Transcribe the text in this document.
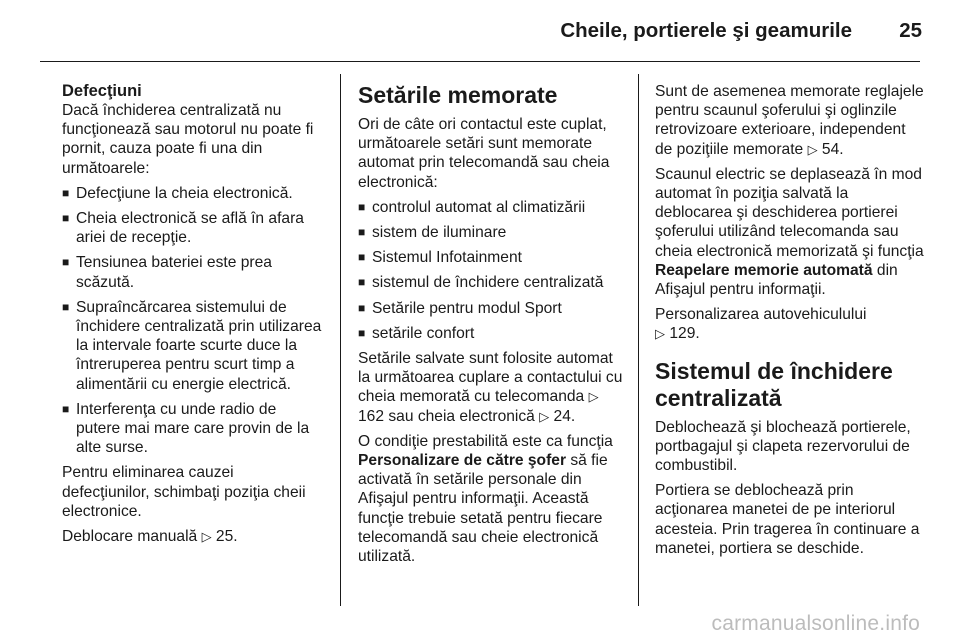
Cheile, portierele şi geamurile 25
Defecţiuni

Dacă închiderea centralizată nu funcţionează sau motorul nu poate fi pornit, cauza poate fi una din următoarele:

■ Defecţiune la cheia electronică.
■ Cheia electronică se află în afara ariei de recepţie.
■ Tensiunea bateriei este prea scăzută.
■ Supraîncărcarea sistemului de închidere centralizată prin utilizarea la intervale foarte scurte duce la întreruperea pentru scurt timp a alimentării cu energie electrică.
■ Interferenţa cu unde radio de putere mai mare care provin de la alte surse.

Pentru eliminarea cauzei defecţiunilor, schimbaţi poziţia cheii electronice.

Deblocare manuală ▷ 25.

Setările memorate

Ori de câte ori contactul este cuplat, următoarele setări sunt memorate automat prin telecomandă sau cheia electronică:

■ controlul automat al climatizării
■ sistem de iluminare
■ Sistemul Infotainment
■ sistemul de închidere centralizată
■ Setările pentru modul Sport
■ setările confort

Setările salvate sunt folosite automat la următoarea cuplare a contactului cu cheia memorată cu telecomanda ▷ 162 sau cheia electronică ▷ 24.

O condiţie prestabilită este ca funcţia Personalizare de către şofer să fie activată în setările personale din Afişajul pentru informaţii. Această funcţie trebuie setată pentru fiecare telecomandă sau cheie electronică utilizată.

Sunt de asemenea memorate reglajele pentru scaunul şoferului şi oglinzile retrovizoare exterioare, independent de poziţiile memorate ▷ 54.

Scaunul electric se deplasează în mod automat în poziţia salvată la deblocarea şi deschiderea portierei şoferului utilizând telecomanda sau cheia electronică memorizată şi funcţia Reapelare memorie automată din Afişajul pentru informaţii.

Personalizarea autovehiculului
▷ 129.

Sistemul de închidere centralizată

Deblochează şi blochează portierele, portbagajul şi clapeta rezervorului de combustibil.

Portiera se deblochează prin acţionarea manetei de pe interiorul acesteia. Prin tragerea în continuare a manetei, portiera se deschide.

carmanualsonline.info
